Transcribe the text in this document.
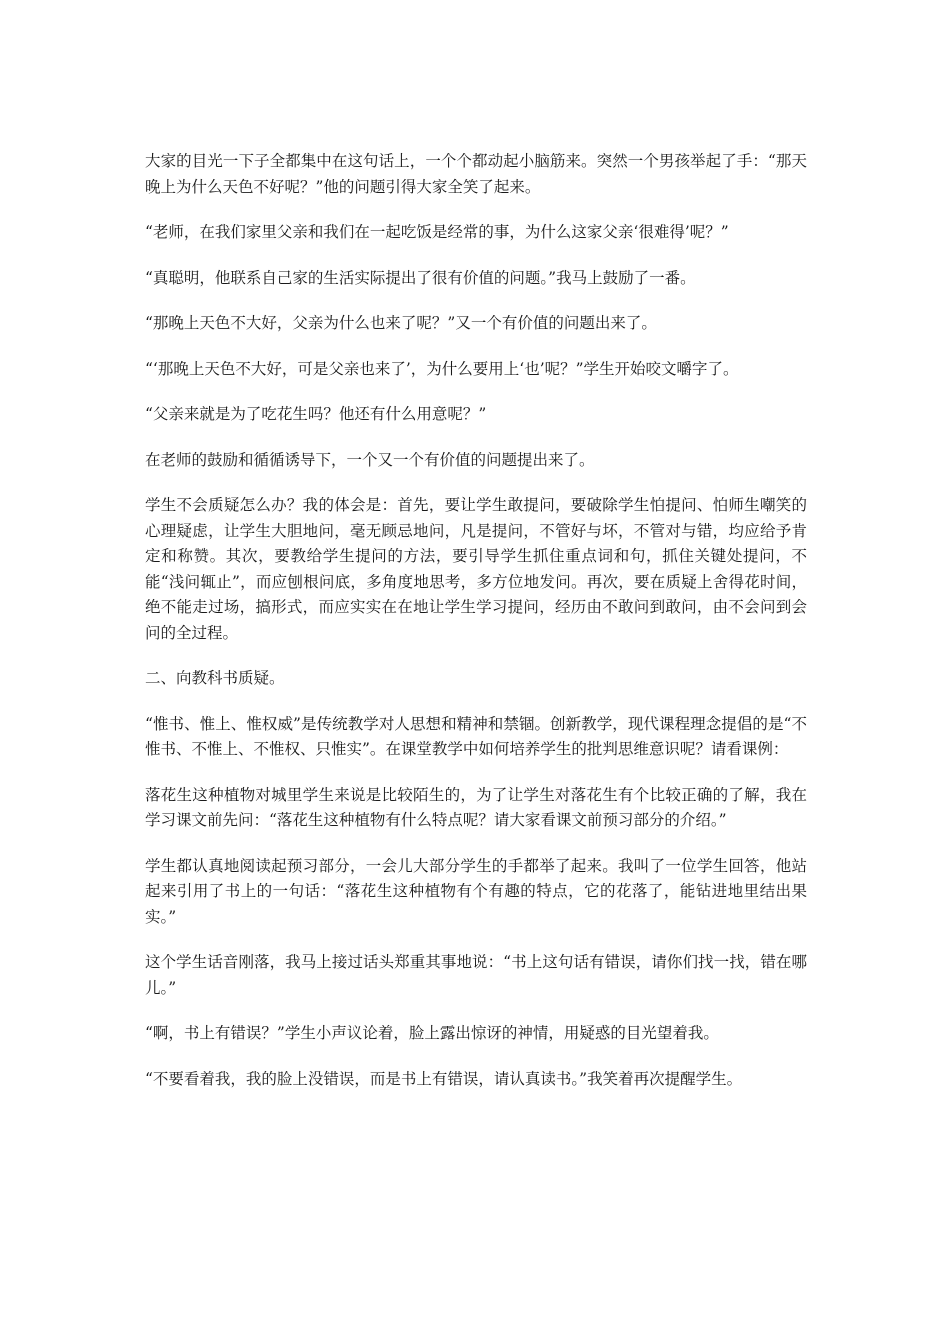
大家的目光一下子全都集中在这句话上，一个个都动起小脑筋来。突然一个男孩举起了手：“那天晚上为什么天色不好呢？”他的问题引得大家全笑了起来。

“老师，在我们家里父亲和我们在一起吃饭是经常的事，为什么这家父亲‘很难得’呢？”

“真聪明，他联系自己家的生活实际提出了很有价值的问题。”我马上鼓励了一番。

“那晚上天色不大好，父亲为什么也来了呢？”又一个有价值的问题出来了。

“‘那晚上天色不大好，可是父亲也来了’，为什么要用上‘也’呢？”学生开始咬文嚼字了。

“父亲来就是为了吃花生吗？他还有什么用意呢？”

在老师的鼓励和循循诱导下，一个又一个有价值的问题提出来了。

学生不会质疑怎么办？我的体会是：首先，要让学生敢提问，要破除学生怕提问、怕师生嘲笑的心理疑虑，让学生大胆地问，毫无顾忌地问，凡是提问，不管好与坏，不管对与错，均应给予肯定和称赞。其次，要教给学生提问的方法，要引导学生抓住重点词和句，抓住关键处提问，不能“浅问辄止”，而应刨根问底，多角度地思考，多方位地发问。再次，要在质疑上舍得花时间，绝不能走过场，搞形式，而应实实在在地让学生学习提问，经历由不敢问到敢问，由不会问到会问的全过程。

二、向教科书质疑。

“惟书、惟上、惟权威”是传统教学对人思想和精神和禁锢。创新教学，现代课程理念提倡的是“不惟书、不惟上、不惟权、只惟实”。在课堂教学中如何培养学生的批判思维意识呢？请看课例：

落花生这种植物对城里学生来说是比较陌生的，为了让学生对落花生有个比较正确的了解，我在学习课文前先问：“落花生这种植物有什么特点呢？请大家看课文前预习部分的介绍。”

学生都认真地阅读起预习部分，一会儿大部分学生的手都举了起来。我叫了一位学生回答，他站起来引用了书上的一句话：“落花生这种植物有个有趣的特点，它的花落了，能钻进地里结出果实。”

这个学生话音刚落，我马上接过话头郑重其事地说：“书上这句话有错误，请你们找一找，错在哪儿。”

“啊，书上有错误？”学生小声议论着，脸上露出惊讶的神情，用疑惑的目光望着我。

“不要看着我，我的脸上没错误，而是书上有错误，请认真读书。”我笑着再次提醒学生。
